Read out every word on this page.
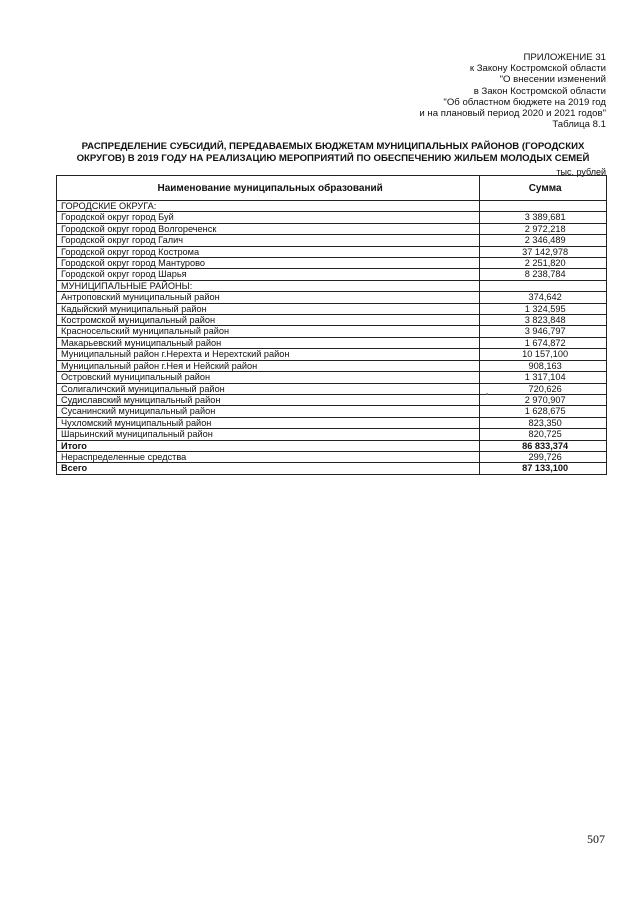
ПРИЛОЖЕНИЕ 31
к Закону Костромской области
"О внесении изменений
в Закон Костромской области
"Об областном бюджете на 2019 год
и на плановый период 2020 и 2021 годов"
Таблица 8.1
РАСПРЕДЕЛЕНИЕ СУБСИДИЙ, ПЕРЕДАВАЕМЫХ БЮДЖЕТАМ МУНИЦИПАЛЬНЫХ РАЙОНОВ (ГОРОДСКИХ
ОКРУГОВ) В 2019 ГОДУ НА РЕАЛИЗАЦИЮ МЕРОПРИЯТИЙ ПО ОБЕСПЕЧЕНИЮ ЖИЛЬЕМ МОЛОДЫХ СЕМЕЙ
тыс. рублей
Наименование муниципальных образований	Сумма
ГОРОДСКИЕ ОКРУГА:	
Городской округ город Буй	3 389,681
Городской округ город Волгореченск	2 972,218
Городской округ город Галич	2 346,489
Городской округ город Кострома	37 142,978
Городской округ город Мантурово	2 251,820
Городской округ город Шарья	8 238,784
МУНИЦИПАЛЬНЫЕ РАЙОНЫ:	
Антроповский муниципальный район	374,642
Кадыйский муниципальный район	1 324,595
Костромской муниципальный район	3 823,848
Красносельский муниципальный район	3 946,797
Макарьевский муниципальный район	1 674,872
Муниципальный район г.Нерехта и Нерехтский район	10 157,100
Муниципальный район г.Нея и Нейский район	908,163
Островский муниципальный район	1 317,104
Солигаличский муниципальный район	720,626
Судиславский муниципальный район	2 970,907
Сусанинский муниципальный район	1 628,675
Чухломский муниципальный район	823,350
Шарьинский муниципальный район	820,725
Итого	86 833,374
Нераспределенные средства	299,726
Всего	87 133,100
507
